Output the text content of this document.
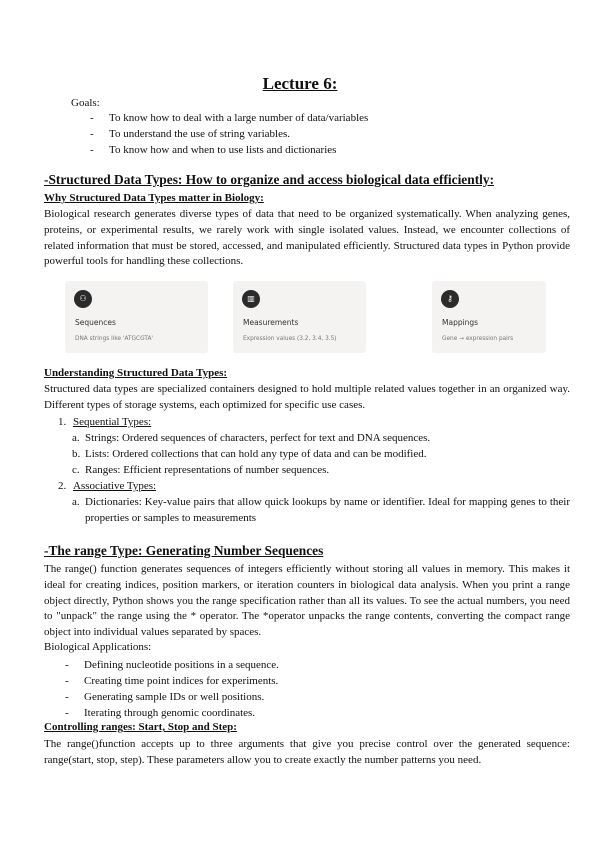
Lecture 6:
Goals:
- To know how to deal with a large number of data/variables
- To understand the use of string variables.
- To know how and when to use lists and dictionaries
-Structured Data Types: How to organize and access biological data efficiently:
Why Structured Data Types matter in Biology:

Biological research generates diverse types of data that need to be organized systematically. When analyzing genes, proteins, or experimental results, we rarely work with single isolated values. Instead, we encounter collections of related information that must be stored, accessed, and manipulated efficiently. Structured data types in Python provide powerful tools for handling these collections.

⚇
Sequences
DNA strings like 'ATGCGTA'
▥
Measurements
Expression values (3.2, 3.4, 3.5)
⚷
Mappings
Gene → expression pairs
Understanding Structured Data Types:

Structured data types are specialized containers designed to hold multiple related values together in an organized way. Different types of storage systems, each optimized for specific use cases.

1. Sequential Types:
a. Strings: Ordered sequences of characters, perfect for text and DNA sequences.
b. Lists: Ordered collections that can hold any type of data and can be modified.
c. Ranges: Efficient representations of number sequences.
2. Associative Types:
a. Dictionaries: Key-value pairs that allow quick lookups by name or identifier. Ideal for mapping genes to their properties or samples to measurements
-The range Type: Generating Number Sequences

The range() function generates sequences of integers efficiently without storing all values in memory. This makes it ideal for creating indices, position markers, or iteration counters in biological data analysis. When you print a range object directly, Python shows you the range specification rather than all its values. To see the actual numbers, you need to "unpack" the range using the * operator. The *operator unpacks the range contents, converting the compact range object into individual values separated by spaces.

Biological Applications:
- Defining nucleotide positions in a sequence.
- Creating time point indices for experiments.
- Generating sample IDs or well positions.
- Iterating through genomic coordinates.
Controlling ranges: Start, Stop and Step:

The range()function accepts up to three arguments that give you precise control over the generated sequence: range(start, stop, step). These parameters allow you to create exactly the number patterns you need.
